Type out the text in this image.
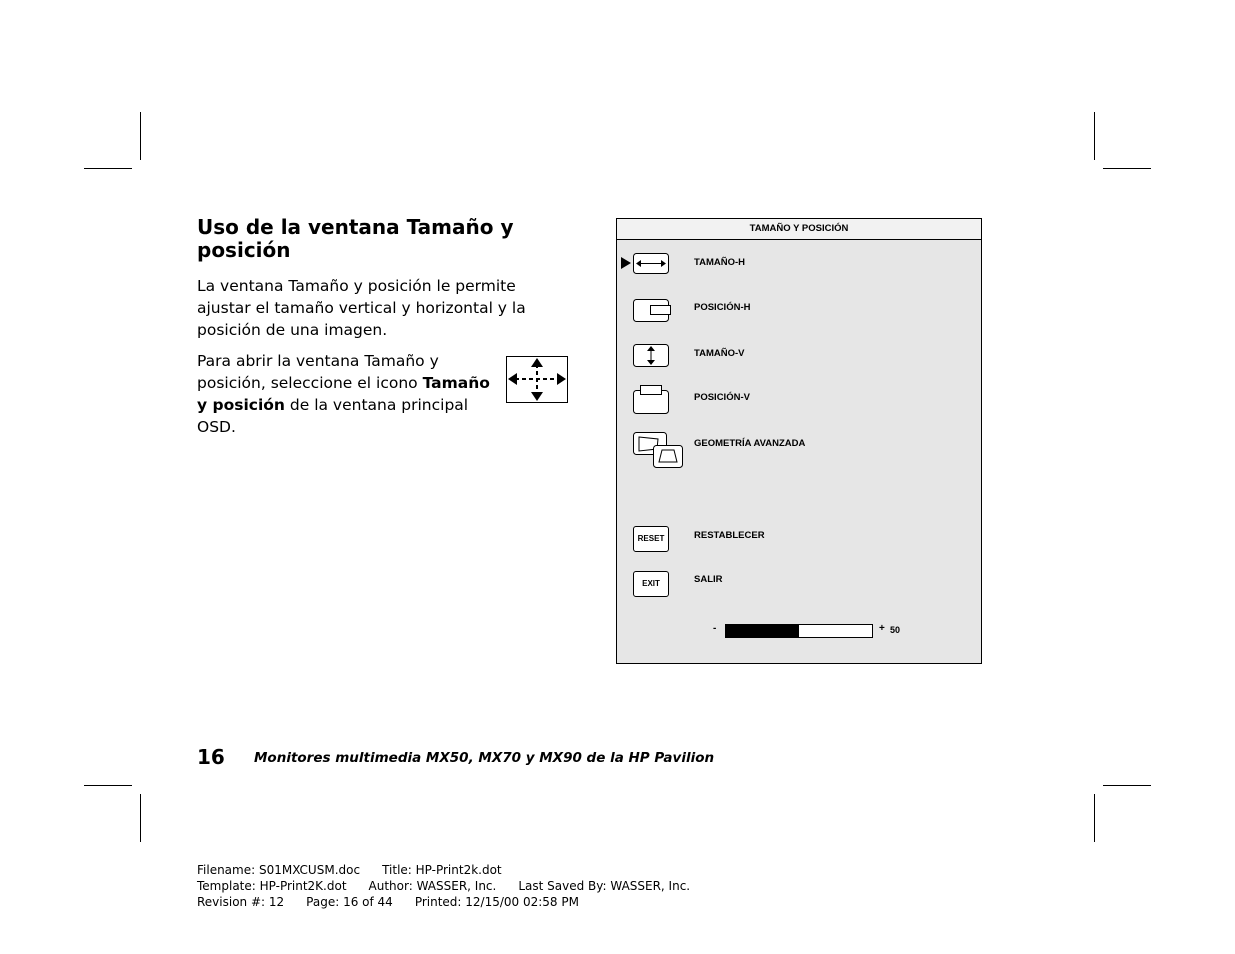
Uso de la ventana Tamaño y posición

La ventana Tamaño y posición le permite ajustar el tamaño vertical y horizontal y la posición de una imagen.

Para abrir la ventana Tamaño y posición, seleccione el icono Tamaño y posición de la ventana principal OSD.

TAMAÑO Y POSICIÓN
TAMAÑO-H
POSICIÓN-H
TAMAÑO-V
POSICIÓN-V
GEOMETRÍA AVANZADA
RESET	RESTABLECER
EXIT	SALIR
-	+ 50
16 Monitores multimedia MX50, MX70 y MX90 de la HP Pavilion
Filename: S01MXCUSM.doc Title: HP-Print2k.dot
Template: HP-Print2K.dot Author: WASSER, Inc. Last Saved By: WASSER, Inc.
Revision #: 12 Page: 16 of 44 Printed: 12/15/00 02:58 PM
